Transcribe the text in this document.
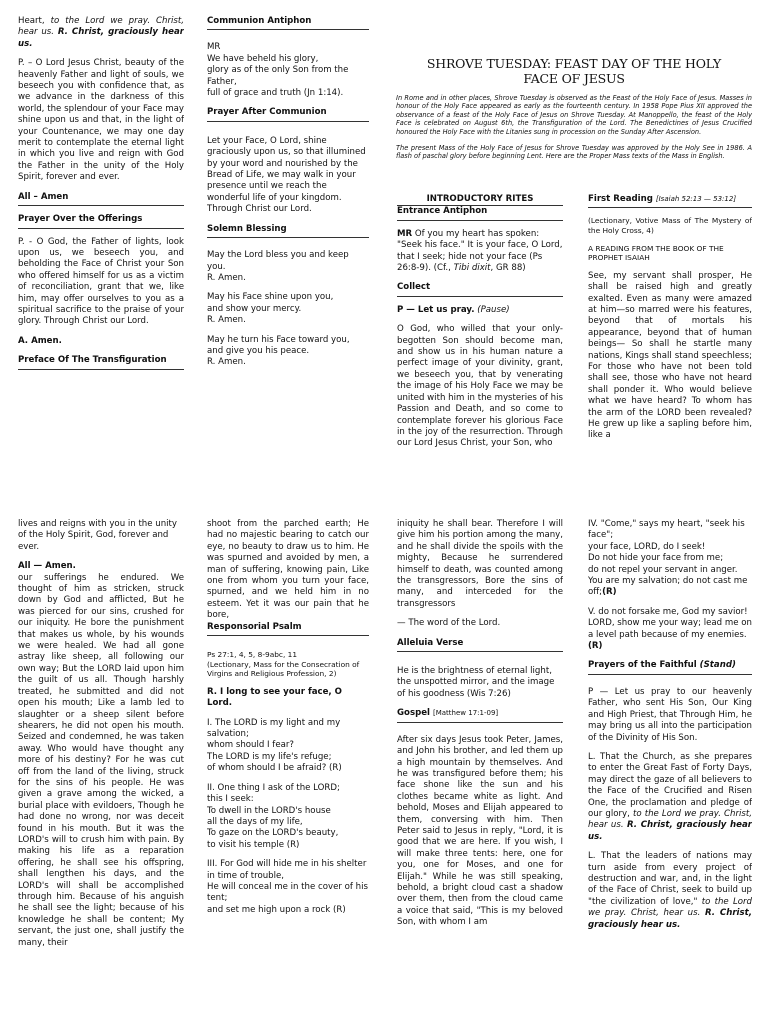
Heart, to the Lord we pray. Christ, hear us. R. Christ, graciously hear us.

P. – O Lord Jesus Christ, beauty of the heavenly Father and light of souls, we beseech you with confidence that, as we advance in the darkness of this world, the splendour of your Face may shine upon us and that, in the light of your Countenance, we may one day merit to contemplate the eternal light in which you live and reign with God the Father in the unity of the Holy Spirit, forever and ever.

All – Amen
Prayer Over the Offerings

P. - O God, the Father of lights, look upon us, we beseech you, and beholding the Face of Christ your Son who offered himself for us as a victim of reconciliation, grant that we, like him, may offer ourselves to you as a spiritual sacrifice to the praise of your glory. Through Christ our Lord.

A. Amen.
Preface Of The Transfiguration
Communion Antiphon
MR
We have beheld his glory,
glory as of the only Son from the Father,
full of grace and truth (Jn 1:14).
Prayer After Communion

Let your Face, O Lord, shine graciously upon us, so that illumined by your word and nourished by the Bread of Life, we may walk in your presence until we reach the wonderful life of your kingdom. Through Christ our Lord.

Solemn Blessing

May the Lord bless you and keep you.
R. Amen.

May his Face shine upon you,
and show your mercy.
R. Amen.

May he turn his Face toward you,
and give you his peace.
R. Amen.

SHROVE TUESDAY: FEAST DAY OF THE HOLY
FACE OF JESUS

In Rome and in other places, Shrove Tuesday is observed as the Feast of the Holy Face of Jesus. Masses in honour of the Holy Face appeared as early as the fourteenth century. In 1958 Pope Pius XII approved the observance of a feast of the Holy Face of Jesus on Shrove Tuesday. At Manoppello, the feast of the Holy Face is celebrated on August 6th, the Transfiguration of the Lord. The Benedictines of Jesus Crucified honoured the Holy Face with the Litanies sung in procession on the Sunday After Ascension.

The present Mass of the Holy Face of Jesus for Shrove Tuesday was approved by the Holy See in 1986. A flash of paschal glory before beginning Lent. Here are the Proper Mass texts of the Mass in English.

INTRODUCTORY RITES
Entrance Antiphon

MR Of you my heart has spoken: "Seek his face." It is your face, O Lord, that I seek; hide not your face (Ps 26:8-9). (Cf., Tibi dixit, GR 88)

Collect

P — Let us pray. (Pause)

O God, who willed that your only-begotten Son should become man, and show us in his human nature a perfect image of your divinity, grant, we beseech you, that by venerating the image of his Holy Face we may be united with him in the mysteries of his Passion and Death, and so come to contemplate forever his glorious Face in the joy of the resurrection. Through our Lord Jesus Christ, your Son, who

First Reading [Isaiah 52:13 — 53:12]

(Lectionary, Votive Mass of The Mystery of the Holy Cross, 4)

A READING FROM THE BOOK OF THE PROPHET ISAIAH

See, my servant shall prosper, He shall be raised high and greatly exalted. Even as many were amazed at him—so marred were his features, beyond that of mortals his appearance, beyond that of human beings— So shall he startle many nations, Kings shall stand speechless; For those who have not been told shall see, those who have not heard shall ponder it. Who would believe what we have heard? To whom has the arm of the LORD been revealed? He grew up like a sapling before him, like a

lives and reigns with you in the unity of the Holy Spirit, God, forever and ever.

All — Amen.

our sufferings he endured. We thought of him as stricken, struck down by God and afflicted, But he was pierced for our sins, crushed for our iniquity. He bore the punishment that makes us whole, by his wounds we were healed. We had all gone astray like sheep, all following our own way; But the LORD laid upon him the guilt of us all. Though harshly treated, he submitted and did not open his mouth; Like a lamb led to slaughter or a sheep silent before shearers, he did not open his mouth. Seized and condemned, he was taken away. Who would have thought any more of his destiny? For he was cut off from the land of the living, struck for the sins of his people. He was given a grave among the wicked, a burial place with evildoers, Though he had done no wrong, nor was deceit found in his mouth. But it was the LORD's will to crush him with pain. By making his life as a reparation offering, he shall see his offspring, shall lengthen his days, and the LORD's will shall be accomplished through him. Because of his anguish he shall see the light; because of his knowledge he shall be content; My servant, the just one, shall justify the many, their

shoot from the parched earth; He had no majestic bearing to catch our eye, no beauty to draw us to him. He was spurned and avoided by men, a man of suffering, knowing pain, Like one from whom you turn your face, spurned, and we held him in no esteem. Yet it was our pain that he bore,

Responsorial Psalm
Ps 27:1, 4, 5, 8-9abc, 11

(Lectionary, Mass for the Consecration of Virgins and Religious Profession, 2)

R. I long to see your face, O Lord.

I. The LORD is my light and my salvation;
whom should I fear?
The LORD is my life's refuge;
of whom should I be afraid? (R)

II. One thing I ask of the LORD;
this I seek:
To dwell in the LORD's house
all the days of my life,
To gaze on the LORD's beauty,
to visit his temple (R)

III. For God will hide me in his shelter
in time of trouble,
He will conceal me in the cover of his tent;
and set me high upon a rock (R)

iniquity he shall bear. Therefore I will give him his portion among the many, and he shall divide the spoils with the mighty, Because he surrendered himself to death, was counted among the transgressors, Bore the sins of many, and interceded for the transgressors

— The word of the Lord.

Alleluia Verse

He is the brightness of eternal light, the unspotted mirror, and the image of his goodness (Wis 7:26)

Gospel [Matthew 17:1-09]

After six days Jesus took Peter, James, and John his brother, and led them up a high mountain by themselves. And he was transfigured before them; his face shone like the sun and his clothes became white as light. And behold, Moses and Elijah appeared to them, conversing with him. Then Peter said to Jesus in reply, "Lord, it is good that we are here. If you wish, I will make three tents: here, one for you, one for Moses, and one for Elijah." While he was still speaking, behold, a bright cloud cast a shadow over them, then from the cloud came a voice that said, "This is my beloved Son, with whom I am

IV. "Come," says my heart, "seek his face";
your face, LORD, do I seek!
Do not hide your face from me;
do not repel your servant in anger.
You are my salvation; do not cast me off;(R)

V. do not forsake me, God my savior! LORD, show me your way; lead me on a level path because of my enemies. (R)

Prayers of the Faithful (Stand)

P — Let us pray to our heavenly Father, who sent His Son, Our King and High Priest, that Through Him, he may bring us all into the participation of the Divinity of His Son.

L. That the Church, as she prepares to enter the Great Fast of Forty Days, may direct the gaze of all believers to the Face of the Crucified and Risen One, the proclamation and pledge of our glory, to the Lord we pray. Christ, hear us. R. Christ, graciously hear us.

L. That the leaders of nations may turn aside from every project of destruction and war, and, in the light of the Face of Christ, seek to build up "the civilization of love," to the Lord we pray. Christ, hear us. R. Christ, graciously hear us.
